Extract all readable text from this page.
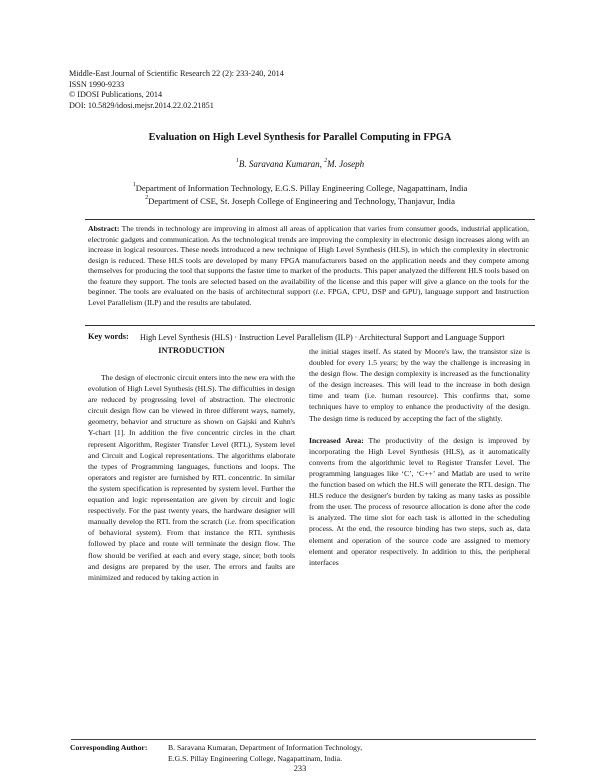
Middle-East Journal of Scientific Research 22 (2): 233-240, 2014
ISSN 1990-9233
© IDOSI Publications, 2014
DOI: 10.5829/idosi.mejsr.2014.22.02.21851
Evaluation on High Level Synthesis for Parallel Computing in FPGA
$^1$B. Saravana Kumaran, $^2$M. Joseph
$^1$Department of Information Technology, E.G.S. Pillay Engineering College, Nagapattinam, India
$^2$Department of CSE, St. Joseph College of Engineering and Technology, Thanjavur, India
Abstract: The trends in technology are improving in almost all areas of application that varies from consumer goods, industrial application, electronic gadgets and communication. As the technological trends are improving the complexity in electronic design increases along with an increase in logical resources. These needs introduced a new technique of High Level Synthesis (HLS), in which the complexity in electronic design is reduced. These HLS tools are developed by many FPGA manufacturers based on the application needs and they compete among themselves for producing the tool that supports the faster time to market of the products. This paper analyzed the different HLS tools based on the feature they support. The tools are selected based on the availability of the license and this paper will give a glance on the tools for the beginner. The tools are evaluated on the basis of architectural support (i.e. FPGA, CPU, DSP and GPU), language support and Instruction Level Parallelism (ILP) and the results are tabulated.
Key words: High Level Synthesis (HLS) · Instruction Level Parallelism (ILP) · Architectural Support and Language Support
INTRODUCTION

The design of electronic circuit enters into the new era with the evolution of High Level Synthesis (HLS). The difficulties in design are reduced by progressing level of abstraction. The electronic circuit design flow can be viewed in three different ways, namely, geometry, behavior and structure as shown on Gajski and Kuhn's Y-chart [1]. In addition the five concentric circles in the chart represent Algorithm, Register Transfer Level (RTL), System level and Circuit and Logical representations. The algorithms elaborate the types of Programming languages, functions and loops. The operators and register are furnished by RTL concentric. In similar the system specification is represented by system level. Further the equation and logic representation are given by circuit and logic respectively. For the past twenty years, the hardware designer will manually develop the RTL from the scratch (i.e. from specification of behavioral system). From that instance the RTL synthesis followed by place and route will terminate the design flow. The flow should be verified at each and every stage, since; both tools and designs are prepared by the user. The errors and faults are minimized and reduced by taking action in

the initial stages itself. As stated by Moore's law, the transistor size is doubled for every 1.5 years; by the way the challenge is increasing in the design flow. The design complexity is increased as the functionality of the design increases. This will lead to the increase in both design time and team (i.e. human resource). This confirms that, some techniques have to employ to enhance the productivity of the design. The design time is reduced by accepting the fact of the slightly.

Increased Area: The productivity of the design is improved by incorporating the High Level Synthesis (HLS), as it automatically converts from the algorithmic level to Register Transfer Level. The programming languages like ‘C’, ‘C++’ and Matlab are used to write the function based on which the HLS will generate the RTL design. The HLS reduce the designer's burden by taking as many tasks as possible from the user. The process of resource allocation is done after the code is analyzed. The time slot for each task is allotted in the scheduling process. At the end, the resource binding has two steps, such as, data element and operation of the source code are assigned to memory element and operator respectively. In addition to this, the peripheral interfaces

Corresponding Author:	B. Saravana Kumaran, Department of Information Technology,
E.G.S. Pillay Engineering College, Nagapattinam, India.
233
